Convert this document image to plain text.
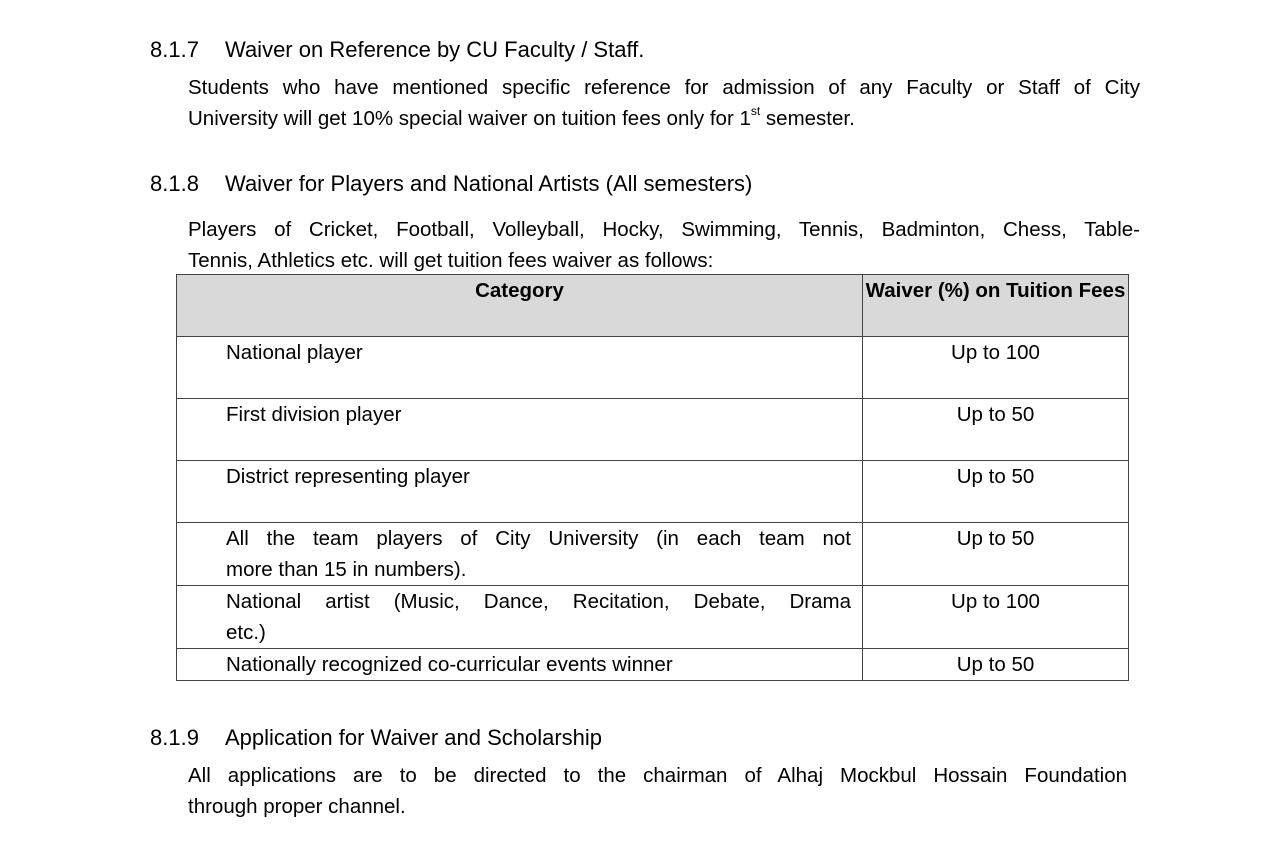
8.1.7 Waiver on Reference by CU Faculty / Staff.
Students who have mentioned specific reference for admission of any Faculty or Staff of City
University will get 10% special waiver on tuition fees only for 1st semester.
8.1.8 Waiver for Players and National Artists (All semesters)
Players of Cricket, Football, Volleyball, Hocky, Swimming, Tennis, Badminton, Chess, Table-
Tennis, Athletics etc. will get tuition fees waiver as follows:
Category	Waiver (%) on Tuition Fees
National player	Up to 100
First division player	Up to 50
District representing player	Up to 50

All the team players of City University (in each team not
more than 15 in numbers).	Up to 50

National artist (Music, Dance, Recitation, Debate, Drama
etc.)	Up to 100
Nationally recognized co-curricular events winner	Up to 50
8.1.9 Application for Waiver and Scholarship
All applications are to be directed to the chairman of Alhaj Mockbul Hossain Foundation
through proper channel.
